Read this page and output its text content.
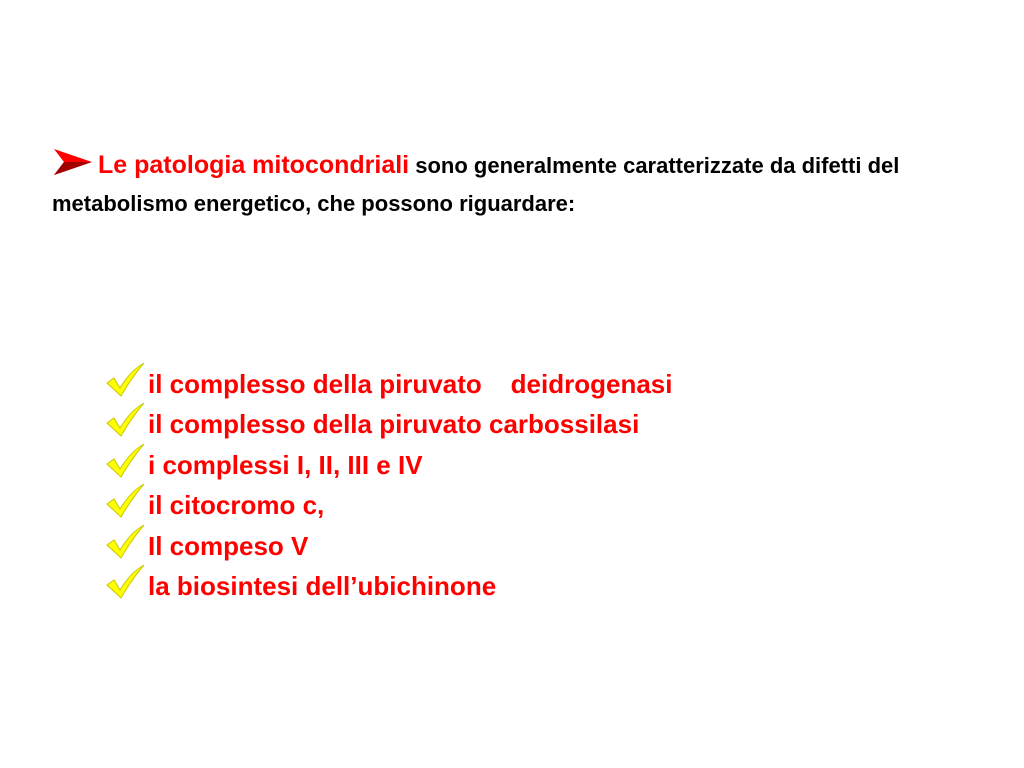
Le patologia mitocondriali sono generalmente caratterizzate da difetti del metabolismo energetico, che possono riguardare:
il complesso della piruvato    deidrogenasi
il complesso della piruvato carbossilasi
i complessi I, II, III e IV
il citocromo c,
Il compeso V
la biosintesi dell’ubichinone
